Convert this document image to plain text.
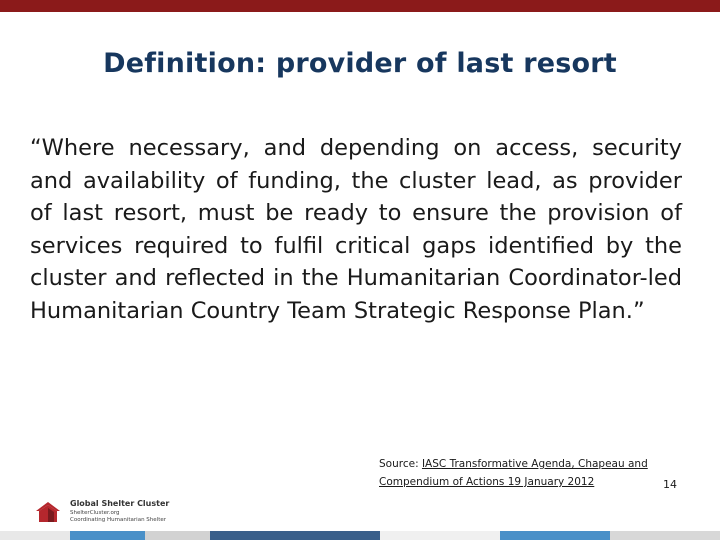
Definition: provider of last resort
“Where necessary, and depending on access, security and availability of funding, the cluster lead, as provider of last resort, must be ready to ensure the provision of services required to fulfil critical gaps identified by the cluster and reflected in the Humanitarian Coordinator-led Humanitarian Country Team Strategic Response Plan.”
Source: IASC Transformative Agenda, Chapeau and Compendium of Actions 19 January 2012
Global Shelter Cluster
ShelterCluster.org
Coordinating Humanitarian Shelter
14
